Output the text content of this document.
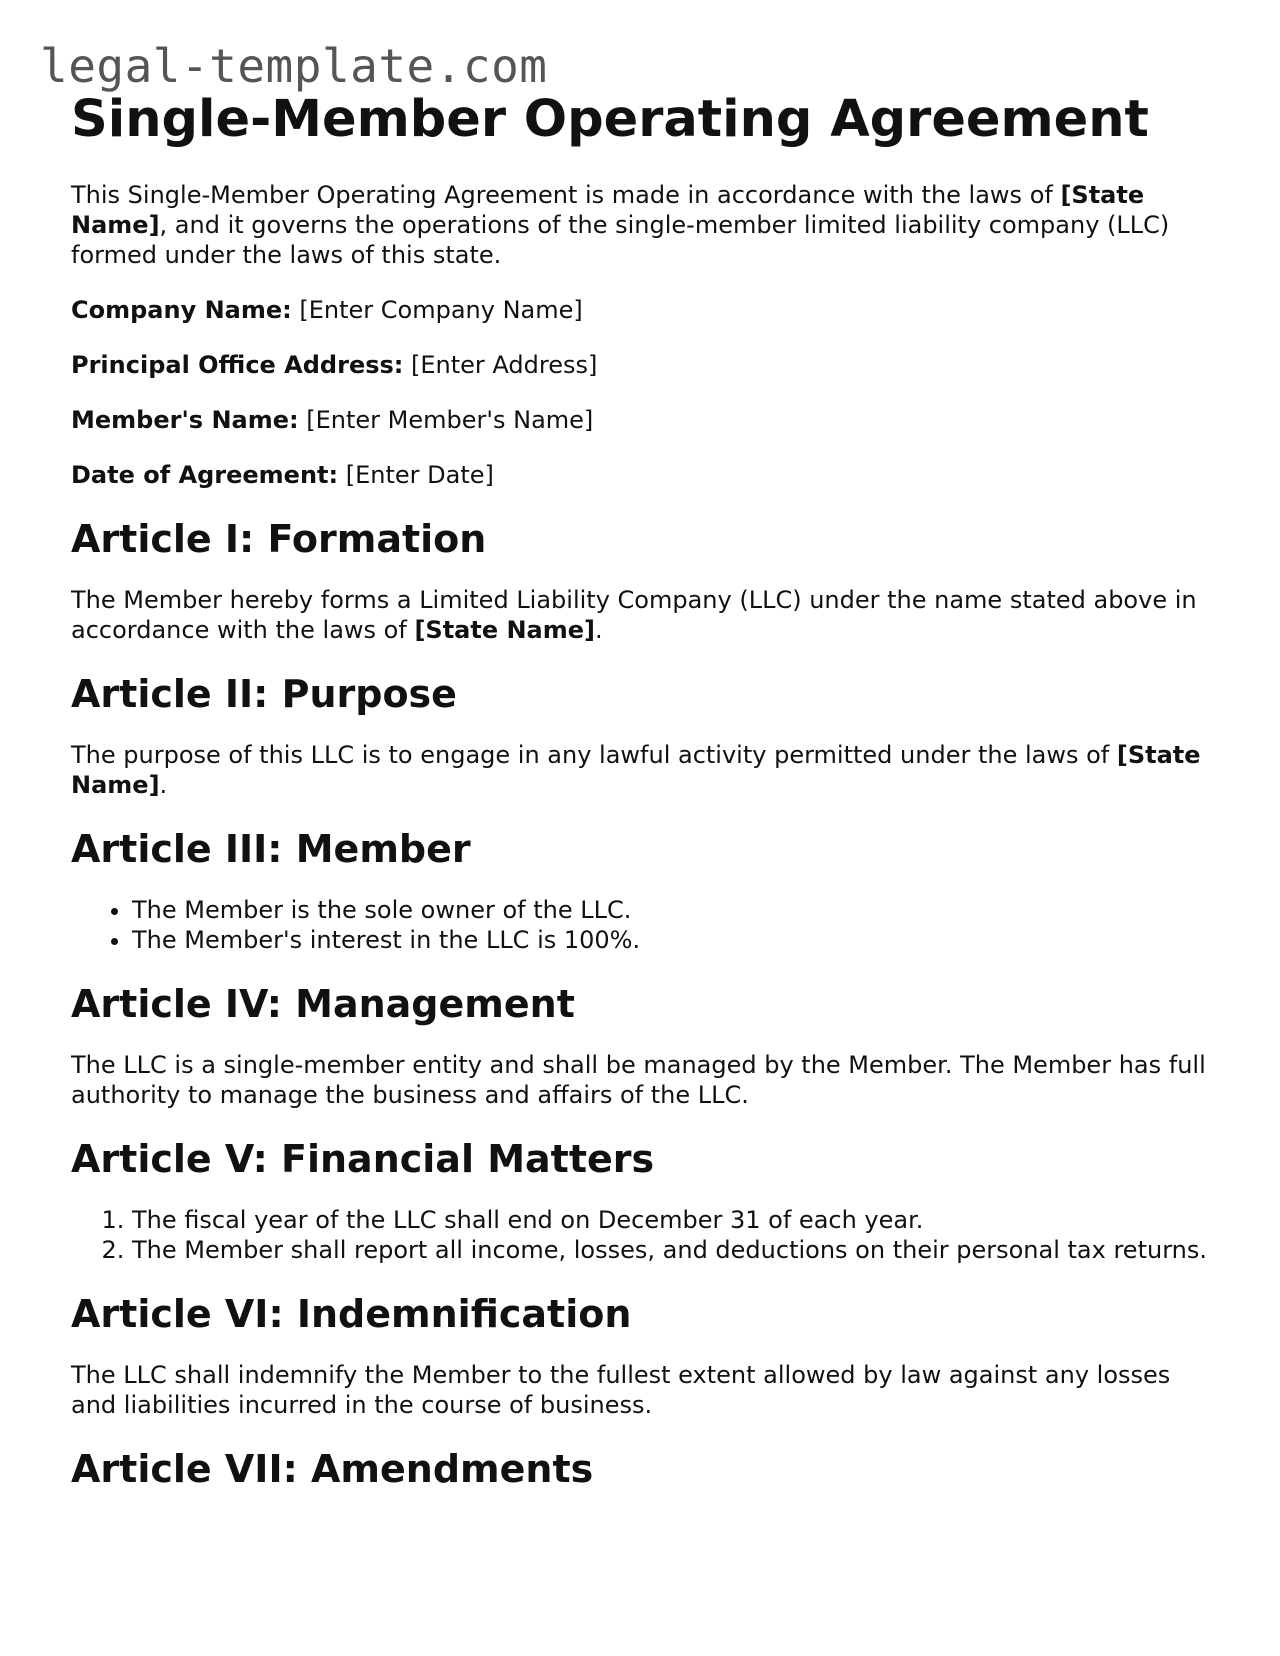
legal-template.com
Single-Member Operating Agreement

This Single-Member Operating Agreement is made in accordance with the laws of [State Name], and it governs the operations of the single-member limited liability company (LLC) formed under the laws of this state.

Company Name: [Enter Company Name]

Principal Office Address: [Enter Address]

Member's Name: [Enter Member's Name]

Date of Agreement: [Enter Date]

Article I: Formation

The Member hereby forms a Limited Liability Company (LLC) under the name stated above in accordance with the laws of [State Name].

Article II: Purpose

The purpose of this LLC is to engage in any lawful activity permitted under the laws of [State Name].

Article III: Member
• The Member is the sole owner of the LLC.
• The Member's interest in the LLC is 100%.
Article IV: Management

The LLC is a single-member entity and shall be managed by the Member. The Member has full authority to manage the business and affairs of the LLC.

Article V: Financial Matters
1. The fiscal year of the LLC shall end on December 31 of each year.
2. The Member shall report all income, losses, and deductions on their personal tax returns.
Article VI: Indemnification

The LLC shall indemnify the Member to the fullest extent allowed by law against any losses and liabilities incurred in the course of business.

Article VII: Amendments
